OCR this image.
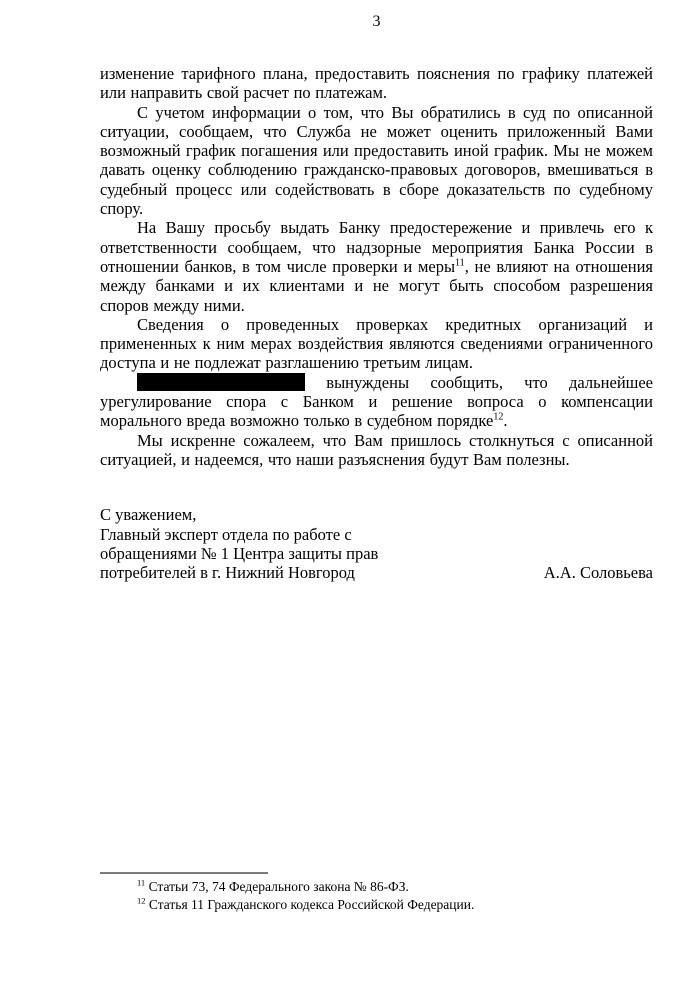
3

изменение тарифного плана, предоставить пояснения по графику платежей или направить свой расчет по платежам.

С учетом информации о том, что Вы обратились в суд по описанной ситуации, сообщаем, что Служба не может оценить приложенный Вами возможный график погашения или предоставить иной график. Мы не можем давать оценку соблюдению гражданско-правовых договоров, вмешиваться в судебный процесс или содействовать в сборе доказательств по судебному спору.

На Вашу просьбу выдать Банку предостережение и привлечь его к ответственности сообщаем, что надзорные мероприятия Банка России в отношении банков, в том числе проверки и меры$^{11}$, не влияют на отношения между банками и их клиентами и не могут быть способом разрешения споров между ними.

Сведения о проведенных проверках кредитных организаций и примененных к ним мерах воздействия являются сведениями ограниченного доступа и не подлежат разглашению третьим лицам.

вынуждены сообщить, что дальнейшее урегулирование спора с Банком и решение вопроса о компенсации морального вреда возможно только в судебном порядке$^{12}$.

Мы искренне сожалеем, что Вам пришлось столкнуться с описанной ситуацией, и надеемся, что наши разъяснения будут Вам полезны.

С уважением,
Главный эксперт отдела по работе с
обращениями № 1 Центра защиты прав
потребителей в г. Нижний Новгород	А.А. Соловьева

$^{11}$ Статьи 73, 74 Федерального закона № 86-ФЗ.

$^{12}$ Статья 11 Гражданского кодекса Российской Федерации.
